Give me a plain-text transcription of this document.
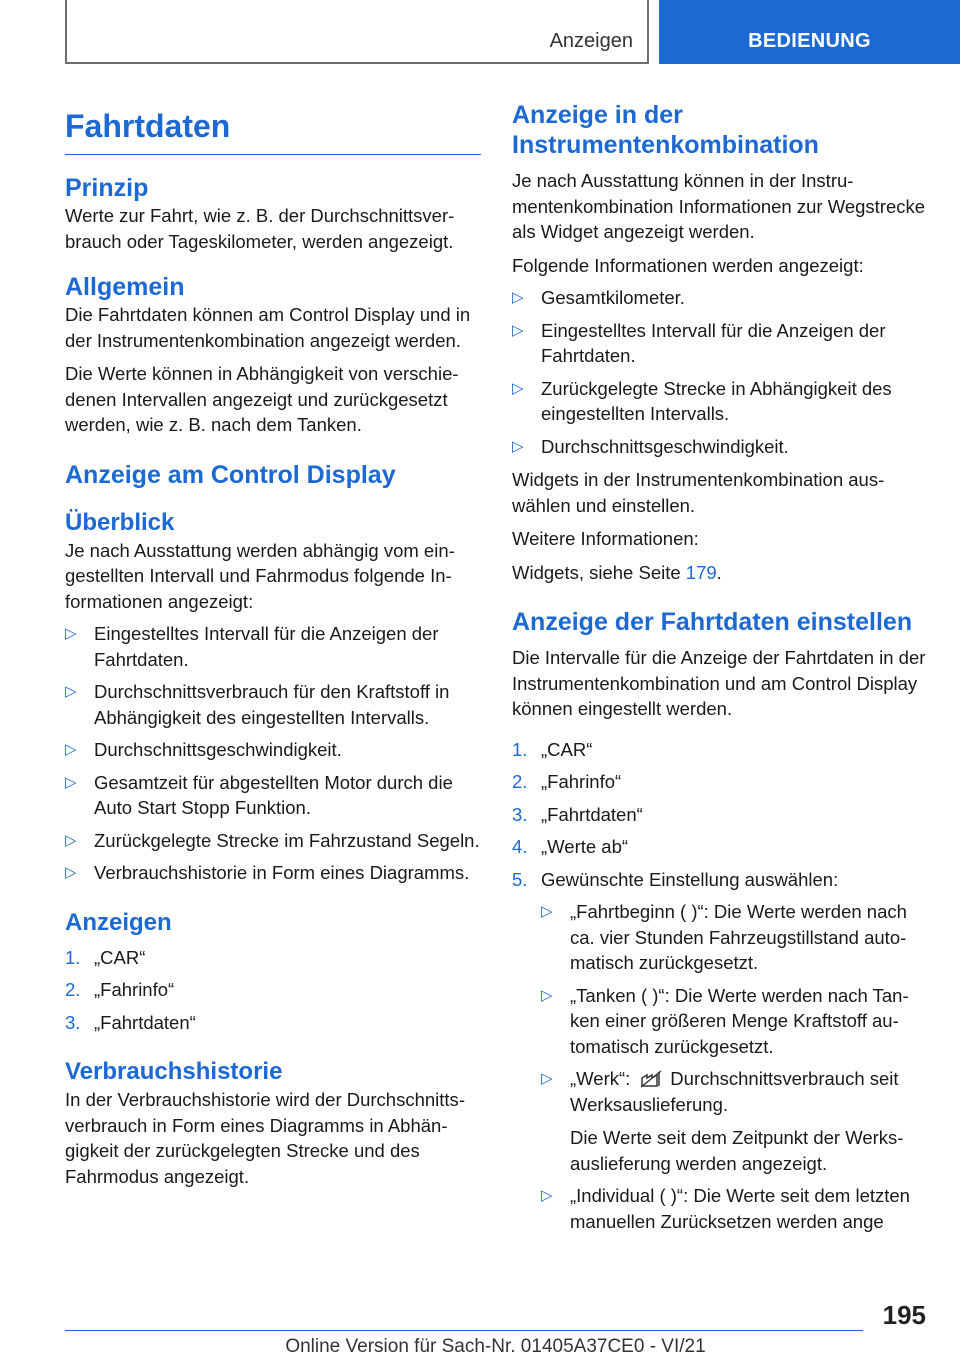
Anzeigen	BEDIENUNG
Fahrtdaten
Prinzip
Werte zur Fahrt, wie z. B. der Durchschnittsverbrauch oder Tageskilometer, werden angezeigt.
Allgemein
Die Fahrtdaten können am Control Display und in der Instrumentenkombination angezeigt werden.
Die Werte können in Abhängigkeit von verschiedenen Intervallen angezeigt und zurückgesetzt werden, wie z. B. nach dem Tanken.
Anzeige am Control Display
Überblick
Je nach Ausstattung werden abhängig vom eingestellten Intervall und Fahrmodus folgende Informationen angezeigt:
▷ Eingestelltes Intervall für die Anzeigen der Fahrtdaten.
▷ Durchschnittsverbrauch für den Kraftstoff in Abhängigkeit des eingestellten Intervalls.
▷ Durchschnittsgeschwindigkeit.
▷ Gesamtzeit für abgestellten Motor durch die Auto Start Stopp Funktion.
▷ Zurückgelegte Strecke im Fahrzustand Segeln.
▷ Verbrauchshistorie in Form eines Diagramms.
Anzeigen
1. „CAR“
2. „Fahrinfo“
3. „Fahrtdaten“
Verbrauchshistorie
In der Verbrauchshistorie wird der Durchschnittsverbrauch in Form eines Diagramms in Abhängigkeit der zurückgelegten Strecke und des Fahrmodus angezeigt.
Anzeige in der Instrumentenkombination
Je nach Ausstattung können in der Instrumentenkombination Informationen zur Wegstrecke als Widget angezeigt werden.
Folgende Informationen werden angezeigt:
▷ Gesamtkilometer.
▷ Eingestelltes Intervall für die Anzeigen der Fahrtdaten.
▷ Zurückgelegte Strecke in Abhängigkeit des eingestellten Intervalls.
▷ Durchschnittsgeschwindigkeit.
Widgets in der Instrumentenkombination auswählen und einstellen.
Weitere Informationen:
Widgets, siehe Seite 179.
Anzeige der Fahrtdaten einstellen
Die Intervalle für die Anzeige der Fahrtdaten in der Instrumentenkombination und am Control Display können eingestellt werden.
1. „CAR“
2. „Fahrinfo“
3. „Fahrtdaten“
4. „Werte ab“
5. Gewünschte Einstellung auswählen:
▷ „Fahrtbeginn ( )“: Die Werte werden nach ca. vier Stunden Fahrzeugstillstand automatisch zurückgesetzt.
▷ „Tanken ( )“: Die Werte werden nach Tanken einer größeren Menge Kraftstoff automatisch zurückgesetzt.
▷ „Werk“: Durchschnittsverbrauch seit Werksauslieferung.
Die Werte seit dem Zeitpunkt der Werksauslieferung werden angezeigt.
▷ „Individual ( )“: Die Werte seit dem letzten manuellen Zurücksetzen werden ange
195
Online Version für Sach-Nr. 01405A37CE0 - VI/21
